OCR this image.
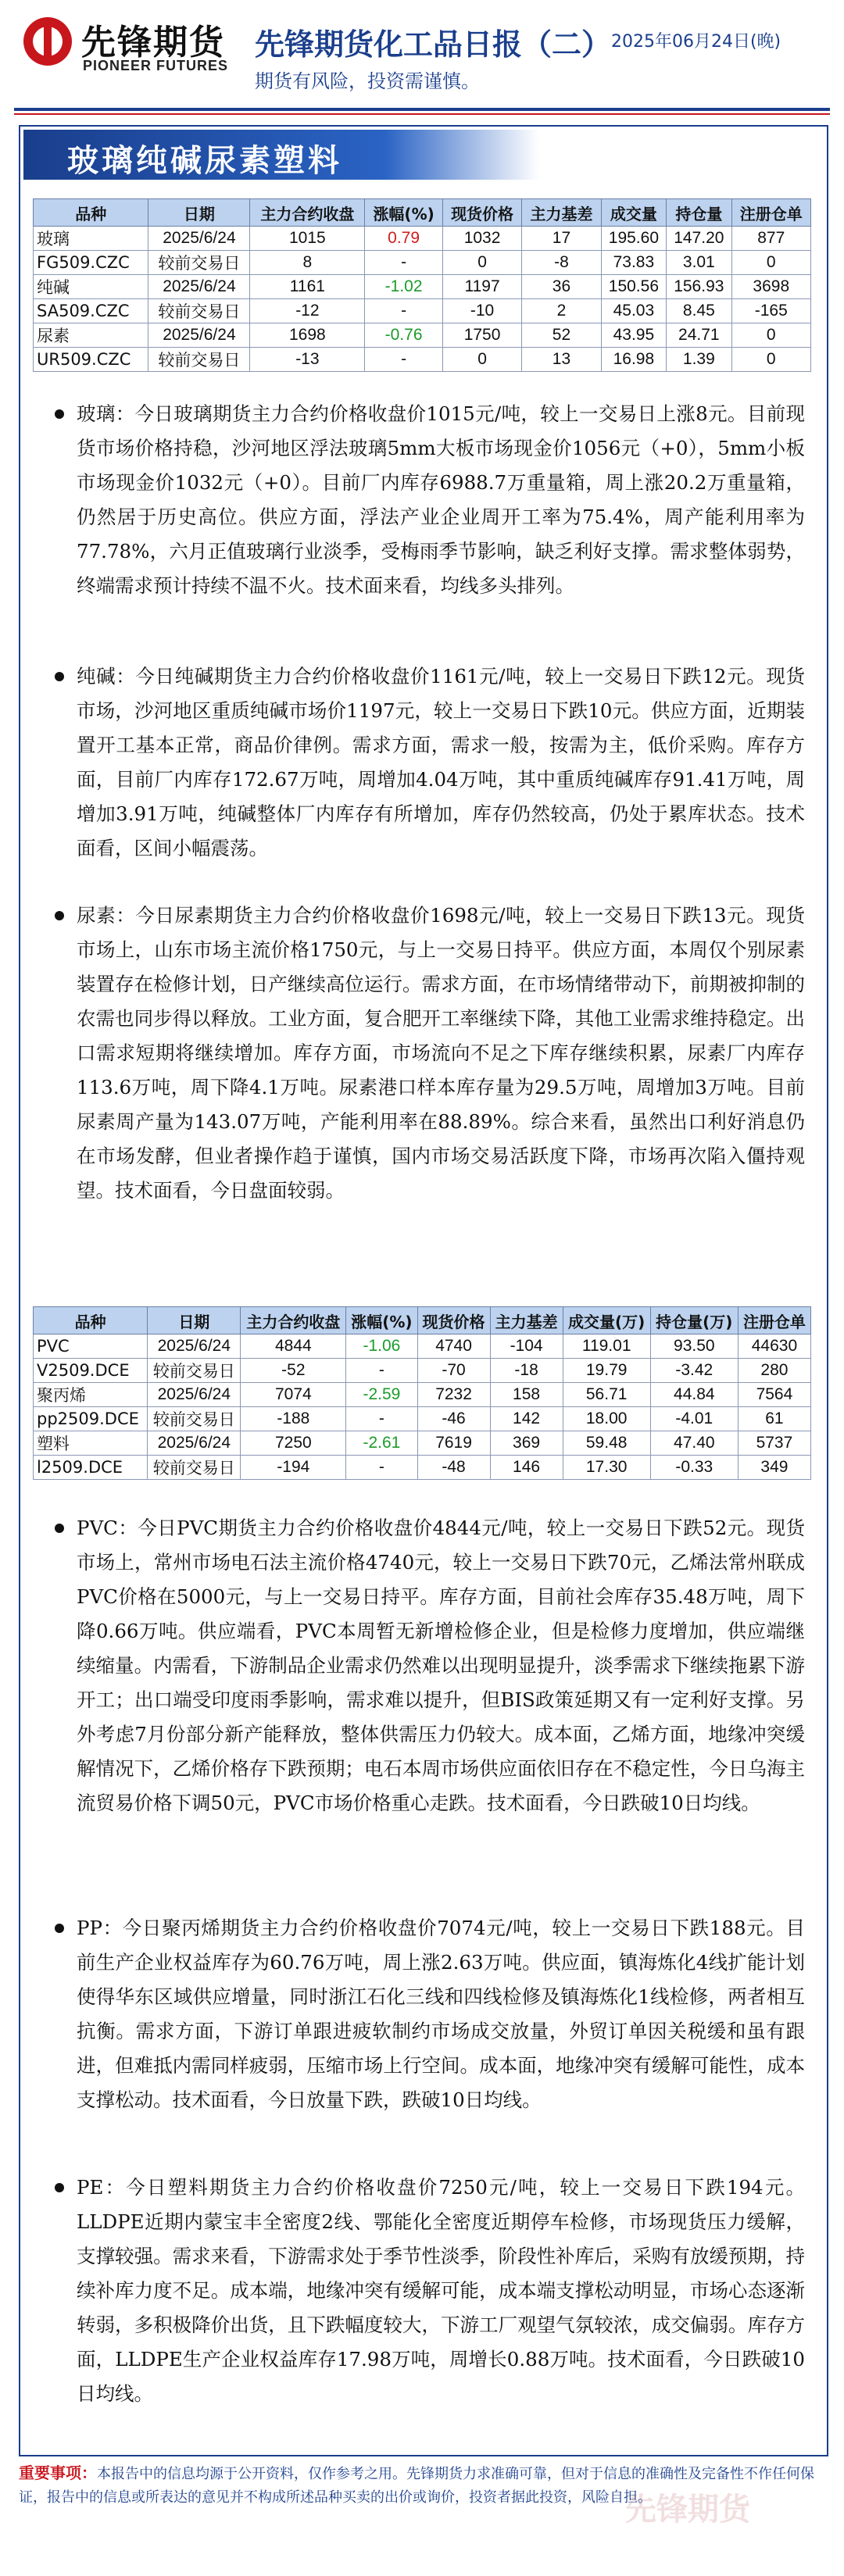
先锋期货
PIONEER FUTURES
先锋期货化工品日报（二） 2025年06月24日(晚)
期货有风险，投资需谨慎。
玻璃纯碱尿素塑料
品种	日期	主力合约收盘	涨幅(%)	现货价格	主力基差	成交量	持仓量	注册仓单
玻璃	2025/6/24	1015	0.79	1032	17	195.60	147.20	877
FG509.CZC	较前交易日	8	-	0	-8	73.83	3.01	0
纯碱	2025/6/24	1161	-1.02	1197	36	150.56	156.93	3698
SA509.CZC	较前交易日	-12	-	-10	2	45.03	8.45	-165
尿素	2025/6/24	1698	-0.76	1750	52	43.95	24.71	0
UR509.CZC	较前交易日	-13	-	0	13	16.98	1.39	0
玻璃：今日玻璃期货主力合约价格收盘价1015元/吨，较上一交易日上涨8元。目前现货市场价格持稳，沙河地区浮法玻璃5mm大板市场现金价1056元（+0），5mm小板市场现金价1032元（+0）。目前厂内库存6988.7万重量箱，周上涨20.2万重量箱，仍然居于历史高位。供应方面，浮法产业企业周开工率为75.4%，周产能利用率为77.78%，六月正值玻璃行业淡季，受梅雨季节影响，缺乏利好支撑。需求整体弱势，终端需求预计持续不温不火。技术面来看，均线多头排列。
纯碱：今日纯碱期货主力合约价格收盘价1161元/吨，较上一交易日下跌12元。现货市场，沙河地区重质纯碱市场价1197元，较上一交易日下跌10元。供应方面，近期装置开工基本正常，商品价律例。需求方面，需求一般，按需为主，低价采购。库存方面，目前厂内库存172.67万吨，周增加4.04万吨，其中重质纯碱库存91.41万吨，周增加3.91万吨，纯碱整体厂内库存有所增加，库存仍然较高，仍处于累库状态。技术面看，区间小幅震荡。
尿素：今日尿素期货主力合约价格收盘价1698元/吨，较上一交易日下跌13元。现货市场上，山东市场主流价格1750元，与上一交易日持平。供应方面，本周仅个别尿素装置存在检修计划，日产继续高位运行。需求方面，在市场情绪带动下，前期被抑制的农需也同步得以释放。工业方面，复合肥开工率继续下降，其他工业需求维持稳定。出口需求短期将继续增加。库存方面，市场流向不足之下库存继续积累，尿素厂内库存113.6万吨，周下降4.1万吨。尿素港口样本库存量为29.5万吨，周增加3万吨。目前尿素周产量为143.07万吨，产能利用率在88.89%。综合来看，虽然出口利好消息仍在市场发酵，但业者操作趋于谨慎，国内市场交易活跃度下降，市场再次陷入僵持观望。技术面看，今日盘面较弱。
品种	日期	主力合约收盘	涨幅(%)	现货价格	主力基差	成交量(万)	持仓量(万)	注册仓单
PVC	2025/6/24	4844	-1.06	4740	-104	119.01	93.50	44630
V2509.DCE	较前交易日	-52	-	-70	-18	19.79	-3.42	280
聚丙烯	2025/6/24	7074	-2.59	7232	158	56.71	44.84	7564
pp2509.DCE	较前交易日	-188	-	-46	142	18.00	-4.01	61
塑料	2025/6/24	7250	-2.61	7619	369	59.48	47.40	5737
l2509.DCE	较前交易日	-194	-	-48	146	17.30	-0.33	349
PVC：今日PVC期货主力合约价格收盘价4844元/吨，较上一交易日下跌52元。现货市场上，常州市场电石法主流价格4740元，较上一交易日下跌70元，乙烯法常州联成PVC价格在5000元，与上一交易日持平。库存方面，目前社会库存35.48万吨，周下降0.66万吨。供应端看，PVC本周暂无新增检修企业，但是检修力度增加，供应端继续缩量。内需看，下游制品企业需求仍然难以出现明显提升，淡季需求下继续拖累下游开工；出口端受印度雨季影响，需求难以提升，但BIS政策延期又有一定利好支撑。另外考虑7月份部分新产能释放，整体供需压力仍较大。成本面，乙烯方面，地缘冲突缓解情况下，乙烯价格存下跌预期；电石本周市场供应面依旧存在不稳定性，今日乌海主流贸易价格下调50元，PVC市场价格重心走跌。技术面看，今日跌破10日均线。
PP：今日聚丙烯期货主力合约价格收盘价7074元/吨，较上一交易日下跌188元。目前生产企业权益库存为60.76万吨，周上涨2.63万吨。供应面，镇海炼化4线扩能计划使得华东区域供应增量，同时浙江石化三线和四线检修及镇海炼化1线检修，两者相互抗衡。需求方面，下游订单跟进疲软制约市场成交放量，外贸订单因关税缓和虽有跟进，但难抵内需同样疲弱，压缩市场上行空间。成本面，地缘冲突有缓解可能性，成本支撑松动。技术面看，今日放量下跌，跌破10日均线。
PE：今日塑料期货主力合约价格收盘价7250元/吨，较上一交易日下跌194元。LLDPE近期内蒙宝丰全密度2线、鄂能化全密度近期停车检修，市场现货压力缓解，支撑较强。需求来看，下游需求处于季节性淡季，阶段性补库后，采购有放缓预期，持续补库力度不足。成本端，地缘冲突有缓解可能，成本端支撑松动明显，市场心态逐渐转弱，多积极降价出货，且下跌幅度较大，下游工厂观望气氛较浓，成交偏弱。库存方面，LLDPE生产企业权益库存17.98万吨，周增长0.88万吨。技术面看，今日跌破10日均线。
先锋期货
重要事项：本报告中的信息均源于公开资料，仅作参考之用。先锋期货力求准确可靠，但对于信息的准确性及完备性不作任何保证，报告中的信息或所表达的意见并不构成所述品种买卖的出价或询价，投资者据此投资，风险自担。
